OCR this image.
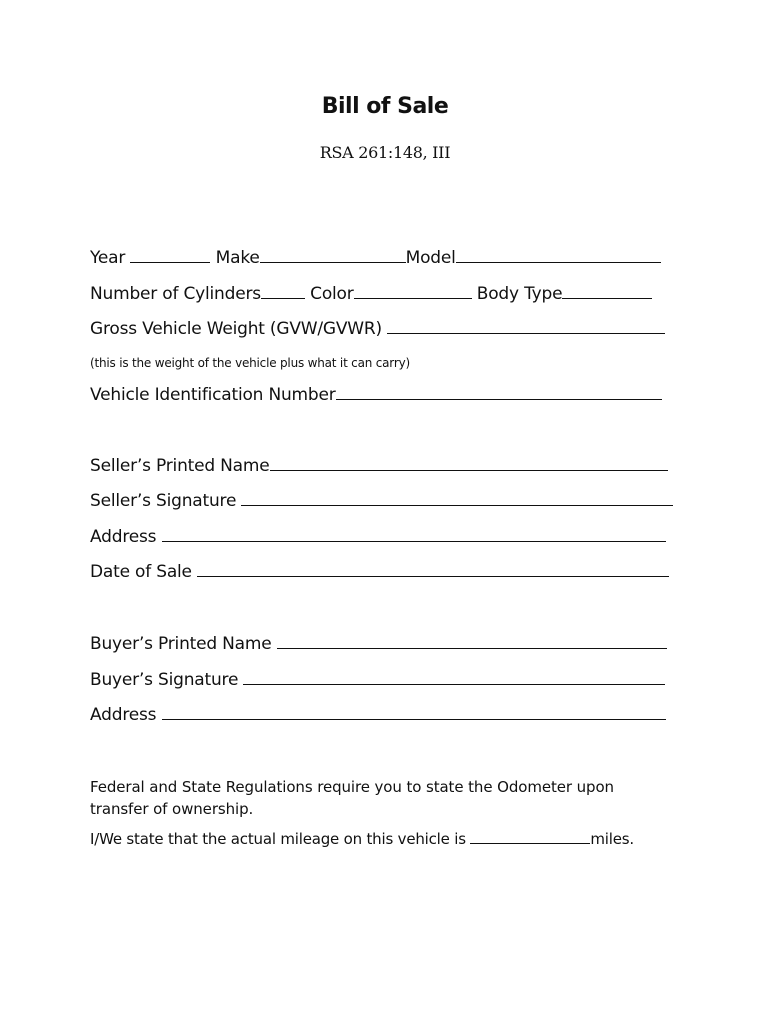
Bill of Sale
RSA 261:148, III
Year	Make	Model
Number of Cylinders	Color	Body Type
Gross Vehicle Weight (GVW/GVWR)
(this is the weight of the vehicle plus what it can carry)
Vehicle Identification Number
Seller’s Printed Name
Seller’s Signature
Address
Date of Sale
Buyer’s Printed Name
Buyer’s Signature
Address
Federal and State Regulations require you to state the Odometer upon transfer of ownership.
I/We state that the actual mileage on this vehicle is	miles.
